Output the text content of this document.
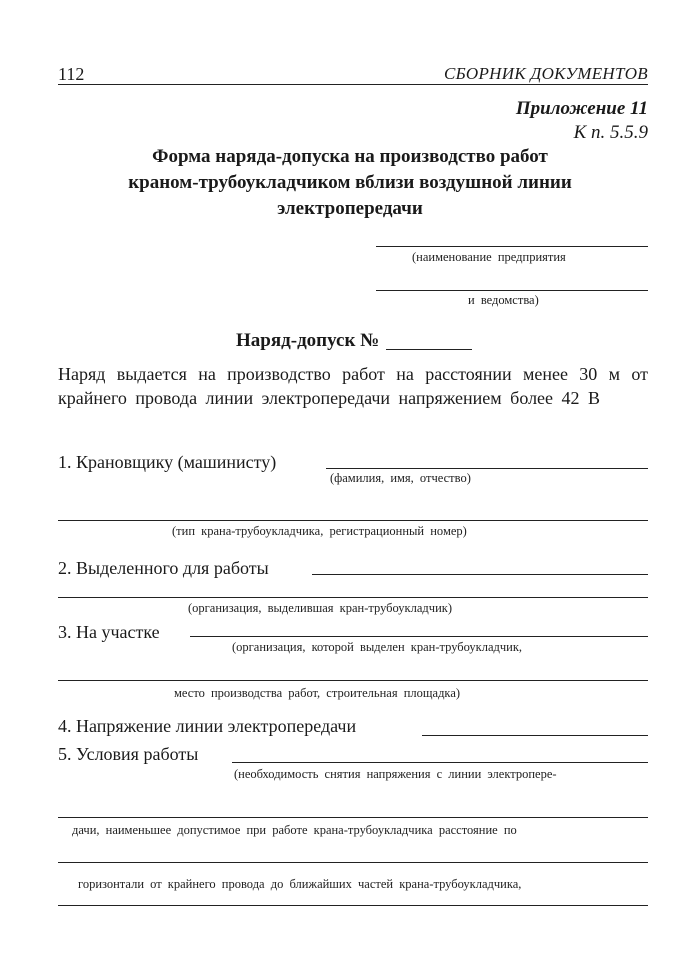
112	СБОРНИК ДОКУМЕНТОВ
Приложение 11
К п. 5.5.9
Форма наряда-допуска на производство работ
краном-трубоукладчиком вблизи воздушной линии
электропередачи
(наименование предприятия
и ведомства)
Наряд-допуск №
Наряд выдается на производство работ на расстоянии менее 30 м от крайнего провода линии электропередачи напряжением более 42 В
1. Крановщику (машинисту)
(фамилия, имя, отчество)
(тип крана-трубоукладчика, регистрационный номер)
2. Выделенного для работы
(организация, выделившая кран-трубоукладчик)
3. На участке
(организация, которой выделен кран-трубоукладчик,
место производства работ, строительная площадка)
4. Напряжение линии электропередачи
5. Условия работы
(необходимость снятия напряжения с линии электропере-
дачи, наименьшее допустимое при работе крана-трубоукладчика расстояние по
горизонтали от крайнего провода до ближайших частей крана-трубоукладчика,
